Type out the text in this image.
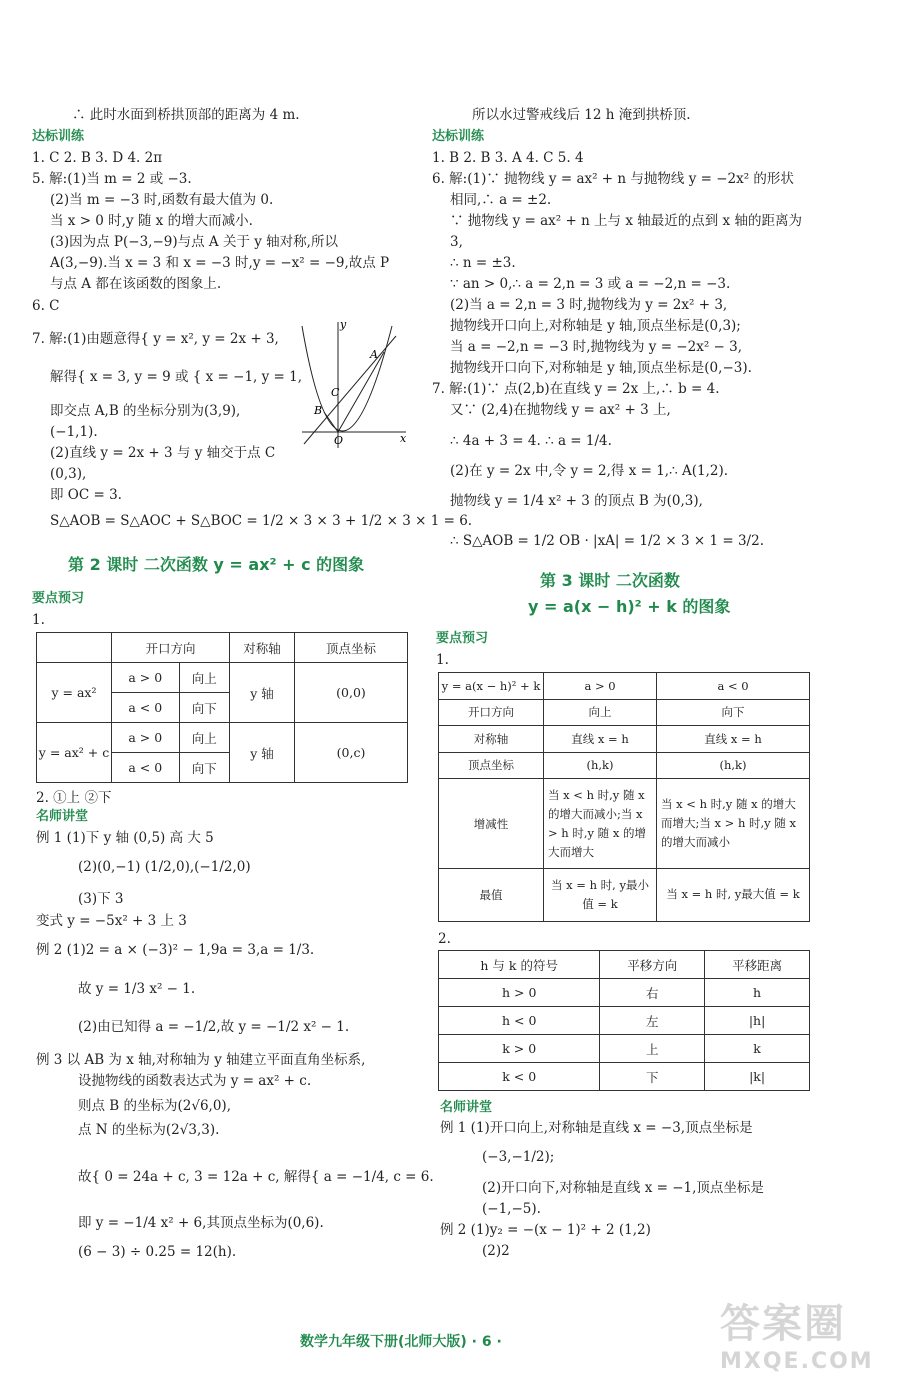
∴ 此时水面到桥拱顶部的距离为 4 m.
达标训练
1. C 2. B 3. D 4. 2π
5. 解:(1)当 m = 2 或 −3.
(2)当 m = −3 时,函数有最大值为 0.
当 x > 0 时,y 随 x 的增大而减小.
(3)因为点 P(−3,−9)与点 A 关于 y 轴对称,所以
A(3,−9).当 x = 3 和 x = −3 时,y = −x² = −9,故点 P
与点 A 都在该函数的图象上.
6. C
7. 解:(1)由题意得{ y = x², y = 2x + 3,
解得{ x = 3, y = 9 或 { x = −1, y = 1,
即交点 A,B 的坐标分别为(3,9),
(−1,1).
(2)直线 y = 2x + 3 与 y 轴交于点 C
(0,3),
即 OC = 3.
S△AOB = S△AOC + S△BOC = 1/2 × 3 × 3 + 1/2 × 3 × 1 = 6.
第 2 课时 二次函数 y = ax² + c 的图象
要点预习
1.
y
x
A
B
C
O
	开口方向		对称轴	顶点坐标
y = ax²	a > 0	向上	y 轴	(0,0)
	a < 0	向下		
y = ax² + c	a > 0	向上	y 轴	(0,c)
	a < 0	向下		
2. ①上 ②下
名师讲堂
例 1 (1)下 y 轴 (0,5) 高 大 5
(2)(0,−1) (1/2,0),(−1/2,0)
(3)下 3
变式 y = −5x² + 3 上 3
例 2 (1)2 = a × (−3)² − 1,9a = 3,a = 1/3.
故 y = 1/3 x² − 1.
(2)由已知得 a = −1/2,故 y = −1/2 x² − 1.
例 3 以 AB 为 x 轴,对称轴为 y 轴建立平面直角坐标系,
设抛物线的函数表达式为 y = ax² + c.
则点 B 的坐标为(2√6,0),
点 N 的坐标为(2√3,3).
故{ 0 = 24a + c, 3 = 12a + c, 解得{ a = −1/4, c = 6.
即 y = −1/4 x² + 6,其顶点坐标为(0,6).
(6 − 3) ÷ 0.25 = 12(h).
所以水过警戒线后 12 h 淹到拱桥顶.
达标训练
1. B 2. B 3. A 4. C 5. 4
6. 解:(1)∵ 抛物线 y = ax² + n 与抛物线 y = −2x² 的形状
相同,∴ a = ±2.
∵ 抛物线 y = ax² + n 上与 x 轴最近的点到 x 轴的距离为
3,
∴ n = ±3.
∵ an > 0,∴ a = 2,n = 3 或 a = −2,n = −3.
(2)当 a = 2,n = 3 时,抛物线为 y = 2x² + 3,
抛物线开口向上,对称轴是 y 轴,顶点坐标是(0,3);
当 a = −2,n = −3 时,抛物线为 y = −2x² − 3,
抛物线开口向下,对称轴是 y 轴,顶点坐标是(0,−3).
7. 解:(1)∵ 点(2,b)在直线 y = 2x 上,∴ b = 4.
又∵ (2,4)在抛物线 y = ax² + 3 上,
∴ 4a + 3 = 4. ∴ a = 1/4.
(2)在 y = 2x 中,令 y = 2,得 x = 1,∴ A(1,2).
抛物线 y = 1/4 x² + 3 的顶点 B 为(0,3),
∴ S△AOB = 1/2 OB · |xA| = 1/2 × 3 × 1 = 3/2.
第 3 课时 二次函数
y = a(x − h)² + k 的图象
要点预习
1.
y = a(x − h)² + k	a > 0	a < 0
开口方向	向上	向下
对称轴	直线 x = h	直线 x = h
顶点坐标	(h,k)	(h,k)
增减性	当 x < h 时,y 随 x 的增大而减小;当 x > h 时,y 随 x 的增大而增大	当 x < h 时,y 随 x 的增大而增大;当 x > h 时,y 随 x 的增大而减小
最值	当 x = h 时, y最小值 = k	当 x = h 时, y最大值 = k
2.
h 与 k 的符号	平移方向	平移距离
h > 0	右	h
h < 0	左	|h|
k > 0	上	k
k < 0	下	|k|
名师讲堂
例 1 (1)开口向上,对称轴是直线 x = −3,顶点坐标是
(−3,−1/2);
(2)开口向下,对称轴是直线 x = −1,顶点坐标是
(−1,−5).
例 2 (1)y₂ = −(x − 1)² + 2 (1,2)
(2)2
数学九年级下册(北师大版) · 6 ·	答案圈
MXQE.COM
